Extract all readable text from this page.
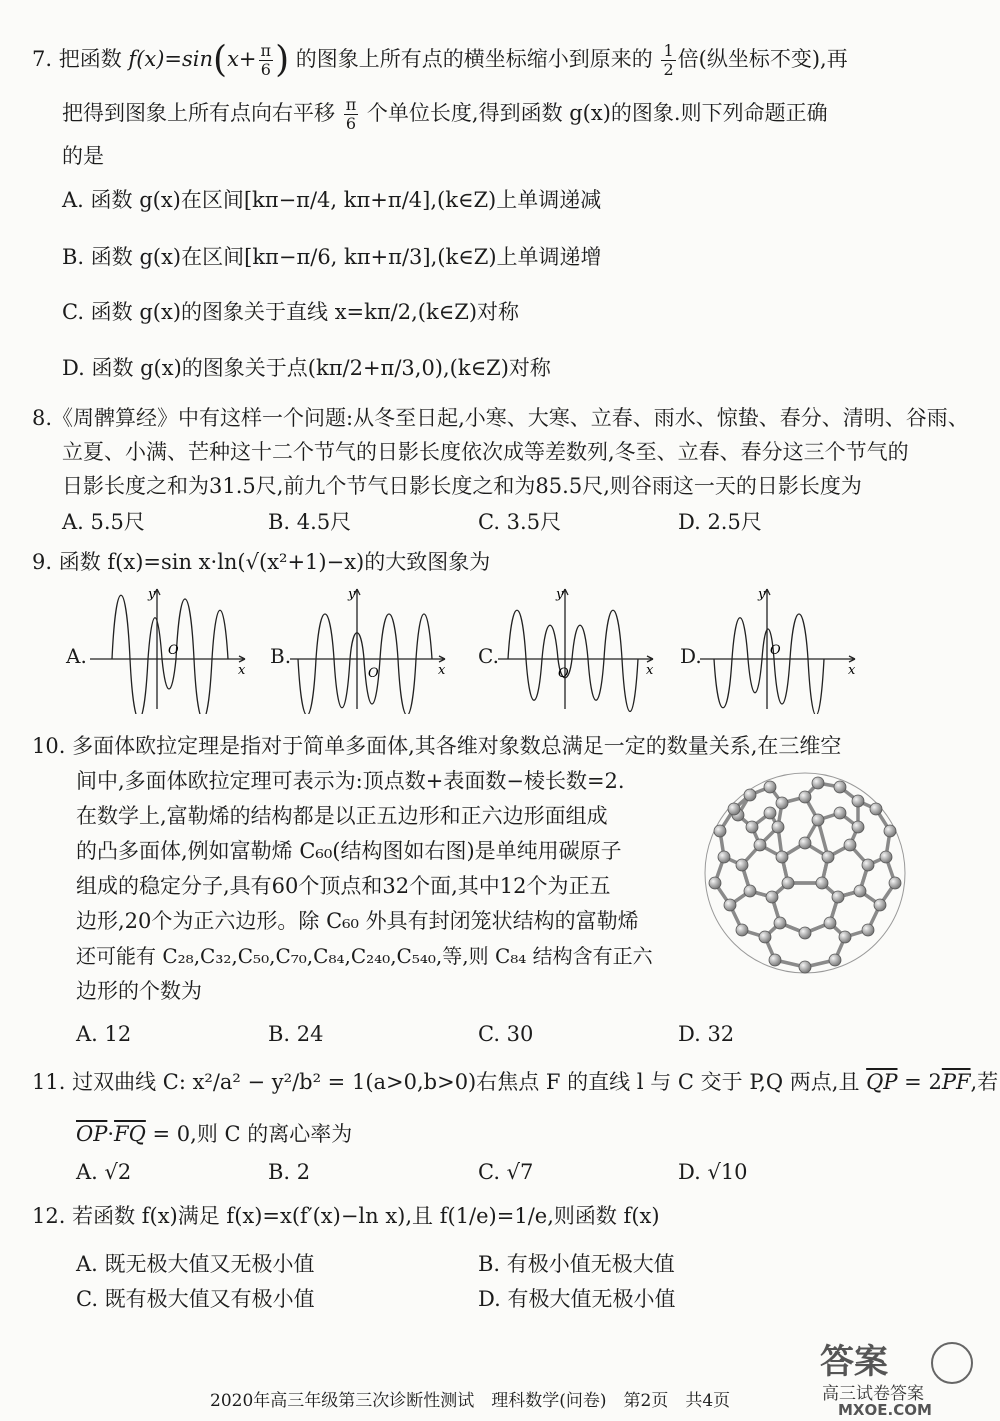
7. 把函数 $f(x)=\sin(x+ \frac{\pi}{6}$ ) 的图象上所有点的横坐标缩小到原来的 $\frac{1}{2}$ 倍(纵坐标不变),再
把得到图象上所有点向右平移 $\frac{\pi}{6}$ 个单位长度,得到函数 g(x)的图象.则下列命题正确
的是
A. 函数 g(x)在区间[kπ−π/4, kπ+π/4],(k∈Z)上单调递减
B. 函数 g(x)在区间[kπ−π/6, kπ+π/3],(k∈Z)上单调递增
C. 函数 g(x)的图象关于直线 x=kπ/2,(k∈Z)对称
D. 函数 g(x)的图象关于点(kπ/2+π/3,0),(k∈Z)对称
8.《周髀算经》中有这样一个问题:从冬至日起,小寒、大寒、立春、雨水、惊蛰、春分、清明、谷雨、
立夏、小满、芒种这十二个节气的日影长度依次成等差数列,冬至、立春、春分这三个节气的
日影长度之和为31.5尺,前九个节气日影长度之和为85.5尺,则谷雨这一天的日影长度为
A. 5.5尺	B. 4.5尺	C. 3.5尺	D. 2.5尺
9. 函数 f(x)=sin x·ln(√(x²+1)−x)的大致图象为
A.	B.	C.	D.
y
x
O
y
x
O
y
x
O
y
x
O
10. 多面体欧拉定理是指对于简单多面体,其各维对象数总满足一定的数量关系,在三维空
间中,多面体欧拉定理可表示为:顶点数+表面数−棱长数=2.
在数学上,富勒烯的结构都是以正五边形和正六边形面组成
的凸多面体,例如富勒烯 C₆₀(结构图如右图)是单纯用碳原子
组成的稳定分子,具有60个顶点和32个面,其中12个为正五
边形,20个为正六边形。除 C₆₀ 外具有封闭笼状结构的富勒烯
还可能有 C₂₈,C₃₂,C₅₀,C₇₀,C₈₄,C₂₄₀,C₅₄₀,等,则 C₈₄ 结构含有正六
边形的个数为
A. 12	B. 24	C. 30	D. 32
11. 过双曲线 C: x²/a² − y²/b² = 1(a>0,b>0)右焦点 F 的直线 l 与 C 交于 P,Q 两点,且 $\overline{QP} = 2\overline{PF}$,若
$\overline{OP}\cdot\overline{FQ} = 0$,则 C 的离心率为
A. √2	B. 2	C. √7	D. √10
12. 若函数 f(x)满足 f(x)=x(f′(x)−ln x),且 f(1/e)=1/e,则函数 f(x)
A. 既无极大值又无极小值	B. 有极小值无极大值
C. 既有极大值又有极小值	D. 有极大值无极小值
2020年高三年级第三次诊断性测试　理科数学(问卷)　第2页　共4页
答案
高三试卷答案
MXQE.COM
